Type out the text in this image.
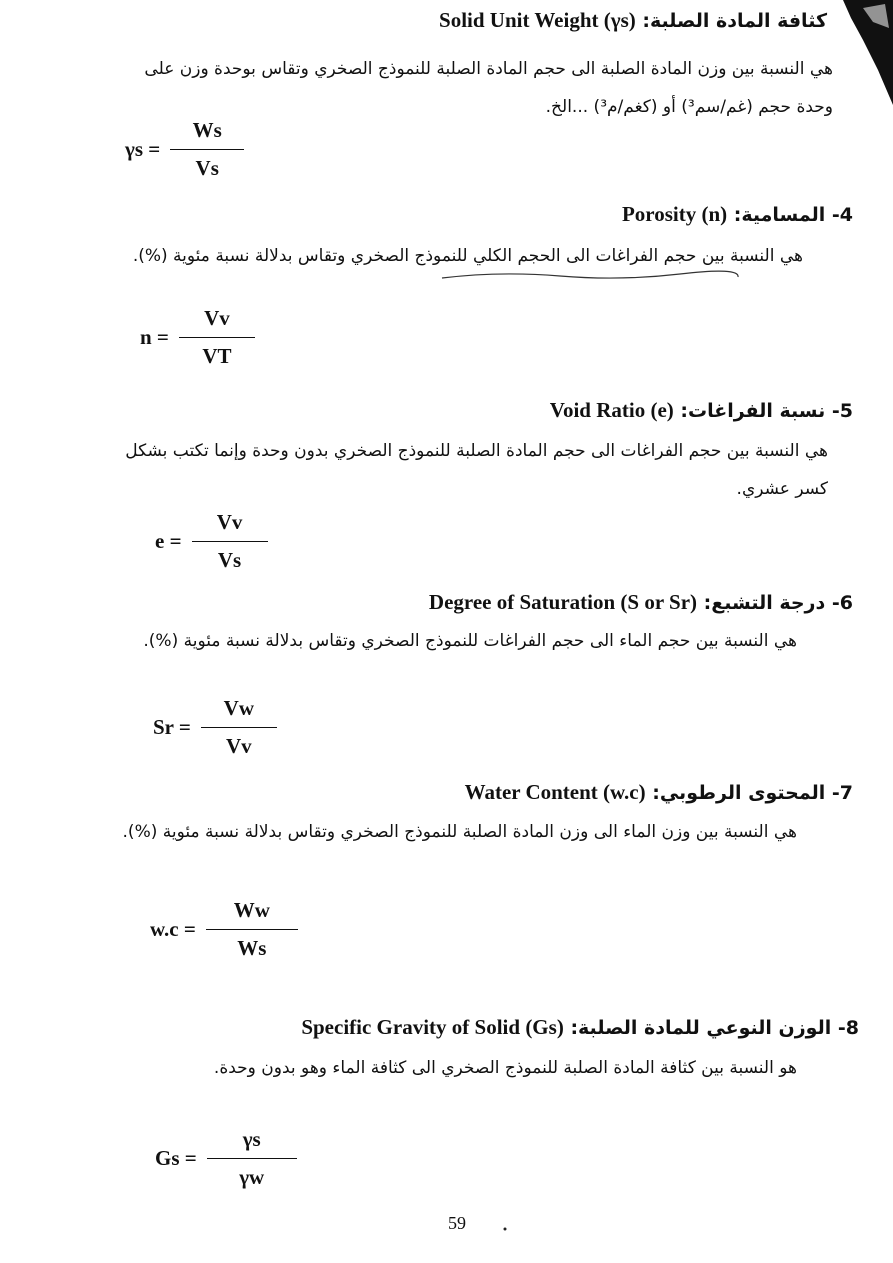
كثافة المادة الصلبة: Solid Unit Weight (γs)
هي النسبة بين وزن المادة الصلبة الى حجم المادة الصلبة للنموذج الصخري وتقاس بوحدة وزن على
وحدة حجم (غم/سم³) أو (كغم/م³) ...الخ.
$\gamma s = \frac{Ws}{Vs}$
4- المسامية: Porosity (n)
هي النسبة بين حجم الفراغات الى الحجم الكلي للنموذج الصخري وتقاس بدلالة نسبة مئوية (%).
$n = \frac{Vv}{VT}$
5- نسبة الفراغات: Void Ratio (e)
هي النسبة بين حجم الفراغات الى حجم المادة الصلبة للنموذج الصخري بدون وحدة وإنما تكتب بشكل
كسر عشري.
$e = \frac{Vv}{Vs}$
6- درجة التشبع: Degree of Saturation (S or Sr)
هي النسبة بين حجم الماء الى حجم الفراغات للنموذج الصخري وتقاس بدلالة نسبة مئوية (%).
$Sr = \frac{Vw}{Vv}$
7- المحتوى الرطوبي: Water Content (w.c)
هي النسبة بين وزن الماء الى وزن المادة الصلبة للنموذج الصخري وتقاس بدلالة نسبة مئوية (%).
$w.c = \frac{Ww}{Ws}$
8- الوزن النوعي للمادة الصلبة: Specific Gravity of Solid (Gs)
هو النسبة بين كثافة المادة الصلبة للنموذج الصخري الى كثافة الماء وهو بدون وحدة.
$Gs = \frac{\gamma s}{\gamma w}$
59
